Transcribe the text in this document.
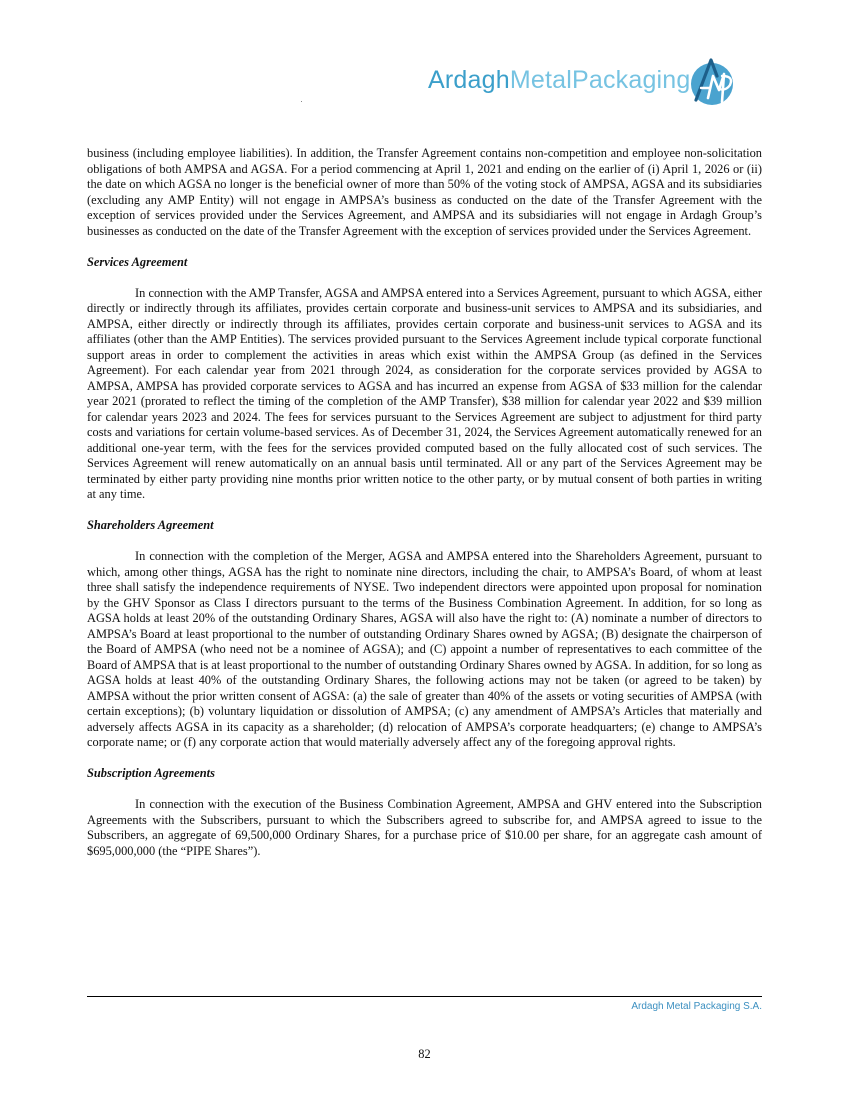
ArdaghMetalPackaging

business (including employee liabilities). In addition, the Transfer Agreement contains non-competition and employee non-solicitation obligations of both AMPSA and AGSA. For a period commencing at April 1, 2021 and ending on the earlier of (i) April 1, 2026 or (ii) the date on which AGSA no longer is the beneficial owner of more than 50% of the voting stock of AMPSA, AGSA and its subsidiaries (excluding any AMP Entity) will not engage in AMPSA’s business as conducted on the date of the Transfer Agreement with the exception of services provided under the Services Agreement, and AMPSA and its subsidiaries will not engage in Ardagh Group’s businesses as conducted on the date of the Transfer Agreement with the exception of services provided under the Services Agreement.

Services Agreement

In connection with the AMP Transfer, AGSA and AMPSA entered into a Services Agreement, pursuant to which AGSA, either directly or indirectly through its affiliates, provides certain corporate and business-unit services to AMPSA and its subsidiaries, and AMPSA, either directly or indirectly through its affiliates, provides certain corporate and business-unit services to AGSA and its affiliates (other than the AMP Entities). The services provided pursuant to the Services Agreement include typical corporate functional support areas in order to complement the activities in areas which exist within the AMPSA Group (as defined in the Services Agreement). For each calendar year from 2021 through 2024, as consideration for the corporate services provided by AGSA to AMPSA, AMPSA has provided corporate services to AGSA and has incurred an expense from AGSA of $33 million for the calendar year 2021 (prorated to reflect the timing of the completion of the AMP Transfer), $38 million for calendar year 2022 and $39 million for calendar years 2023 and 2024. The fees for services pursuant to the Services Agreement are subject to adjustment for third party costs and variations for certain volume-based services. As of December 31, 2024, the Services Agreement automatically renewed for an additional one-year term, with the fees for the services provided computed based on the fully allocated cost of such services. The Services Agreement will renew automatically on an annual basis until terminated. All or any part of the Services Agreement may be terminated by either party providing nine months prior written notice to the other party, or by mutual consent of both parties in writing at any time.

Shareholders Agreement

In connection with the completion of the Merger, AGSA and AMPSA entered into the Shareholders Agreement, pursuant to which, among other things, AGSA has the right to nominate nine directors, including the chair, to AMPSA’s Board, of whom at least three shall satisfy the independence requirements of NYSE. Two independent directors were appointed upon proposal for nomination by the GHV Sponsor as Class I directors pursuant to the terms of the Business Combination Agreement. In addition, for so long as AGSA holds at least 20% of the outstanding Ordinary Shares, AGSA will also have the right to: (A) nominate a number of directors to AMPSA’s Board at least proportional to the number of outstanding Ordinary Shares owned by AGSA; (B) designate the chairperson of the Board of AMPSA (who need not be a nominee of AGSA); and (C) appoint a number of representatives to each committee of the Board of AMPSA that is at least proportional to the number of outstanding Ordinary Shares owned by AGSA. In addition, for so long as AGSA holds at least 40% of the outstanding Ordinary Shares, the following actions may not be taken (or agreed to be taken) by AMPSA without the prior written consent of AGSA: (a) the sale of greater than 40% of the assets or voting securities of AMPSA (with certain exceptions); (b) voluntary liquidation or dissolution of AMPSA; (c) any amendment of AMPSA’s Articles that materially and adversely affects AGSA in its capacity as a shareholder; (d) relocation of AMPSA’s corporate headquarters; (e) change to AMPSA’s corporate name; or (f) any corporate action that would materially adversely affect any of the foregoing approval rights.

Subscription Agreements

In connection with the execution of the Business Combination Agreement, AMPSA and GHV entered into the Subscription Agreements with the Subscribers, pursuant to which the Subscribers agreed to subscribe for, and AMPSA agreed to issue to the Subscribers, an aggregate of 69,500,000 Ordinary Shares, for a purchase price of $10.00 per share, for an aggregate cash amount of $695,000,000 (the “PIPE Shares”).

Ardagh Metal Packaging S.A.
82
